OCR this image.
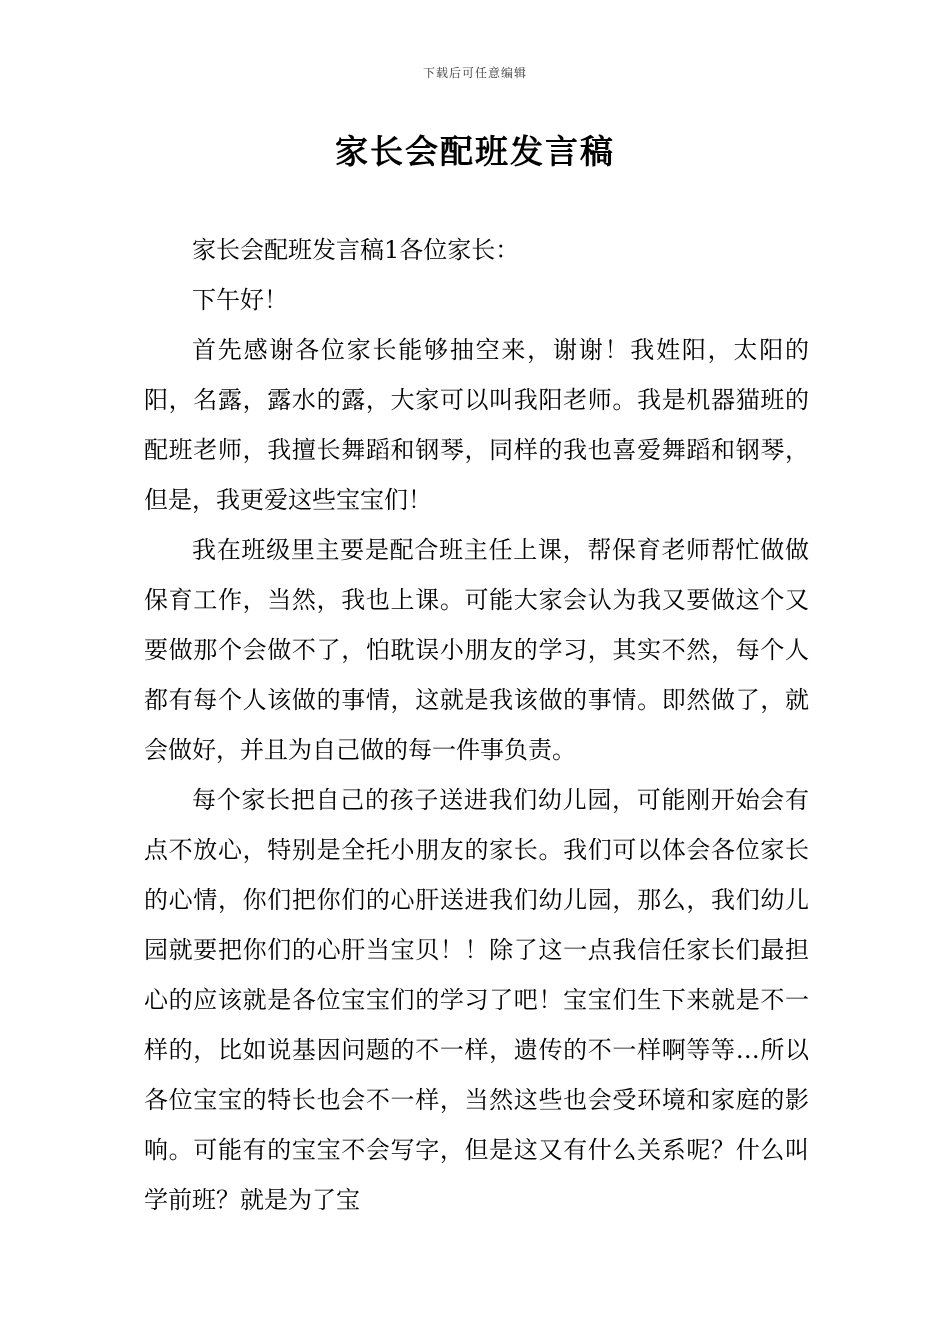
下载后可任意编辑
家长会配班发言稿

家长会配班发言稿1各位家长：

下午好！

首先感谢各位家长能够抽空来，谢谢！我姓阳，太阳的阳，名露，露水的露，大家可以叫我阳老师。我是机器猫班的配班老师，我擅长舞蹈和钢琴，同样的我也喜爱舞蹈和钢琴，但是，我更爱这些宝宝们！

我在班级里主要是配合班主任上课，帮保育老师帮忙做做保育工作，当然，我也上课。可能大家会认为我又要做这个又要做那个会做不了，怕耽误小朋友的学习，其实不然，每个人都有每个人该做的事情，这就是我该做的事情。即然做了，就会做好，并且为自己做的每一件事负责。

每个家长把自己的孩子送进我们幼儿园，可能刚开始会有点不放心，特别是全托小朋友的家长。我们可以体会各位家长的心情，你们把你们的心肝送进我们幼儿园，那么，我们幼儿园就要把你们的心肝当宝贝！！除了这一点我信任家长们最担心的应该就是各位宝宝们的学习了吧！宝宝们生下来就是不一样的，比如说基因问题的不一样，遗传的不一样啊等等…所以各位宝宝的特长也会不一样，当然这些也会受环境和家庭的影响。可能有的宝宝不会写字，但是这又有什么关系呢？什么叫学前班？就是为了宝
